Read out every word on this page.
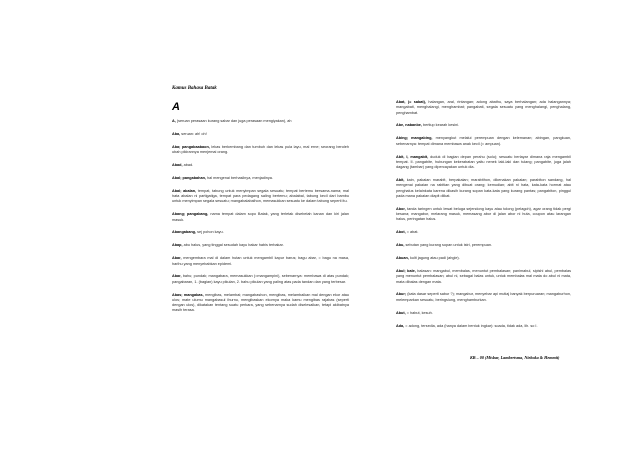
Kamus Bahasa Batak
A

A, (seruan perasaan kurang sabar dan juga perasaan mengiyakan), ah

Aba, seruan: ah! oh!

Aba; pangabaabaon, lekas berkembang dan tumbuh dan lekas pula layu, mal erne; seorang beroleh ubah pikirannya menjemai orang.

Abad, abad.

Abal; pangabahan, hal mengenai berhasilnya, menjadinya.

Abal; abalan, tempat, tabung untuk menyimpan segala sesuatu; tempat bertemu bersama-nama; mal hata abalan ni partigatiga, tempat para pedagang saling bertemu; abalabal, tabung kecil dari bambu untuk menyimpan segala sesuatu; mangabalabalhon, memasukkan sesuatu ke dalam tabung seperti itu.

Abang; pangabang, nama tempat dalam sopo Batak, yang terletak disebelah kanan dan kiri jalan masuk.

Abangabang, sej pohon kayu.

Abap, abu halus, yang tinggal sesudah kayu bakar habis terbakar.

Abar, mengembara mal di dalam hutan untuk mengambil kapur barus; bagu abar, = bagu na masa, harihu yang menyebabkan epidemi.

Abar, bahu; pundak; mangabara, memasukkan (=mangampini), sebenarnya: membawa di atas pundak; pangabaran, 1. (bagian) kayu pikulan, 2. bahu pikulan yang paling atas pada tandan dan yang terbesar.

Abas; mangabas, mengibas, melambai; mangabashon, mengibas, melambaikan mal dengan ekor atau ulos; mate ulumu mangabasul ihurnu, mengibaskan ekornya maka kamu mengibas rajabas (seperti dengan ulos), dikatakan tentang suatu perkara, yang sebenarnya sudah diselesaikan, tetapi akibatnya masih terasa.

Abat, (= sabat), halangan, aral, rintangan; adong abathu, saya berhalangan; ada halangannya; mangabati, menghalangi, menghambat; pangabati, segala sesuatu yang menghalangi, penghalang, penghambat.

Abe, nabanbe, bertiup kearah kesini.

Abing; mangabing, menyangkut melalui perempuan dengan kelemanan; abingan, pangkuan, sebenarnya: tempat dimana membawa anak kecil (= ampuan).

Abit, I, mangabit, duduk di bagian depan perahu (solu); sesuatu berlayar dimana raja mengambil tempat. II. pangabite, hubungan kekerabatan yaitu nenek laki-laki dan tulang; pangabite, juga jalah dagang (tambar) yang dipercayakan untuk dia.

Abit, kain, pakaian marabit, berpakaian; marabithon, dikenakan pakaian; parabiton sandang, hal mengenai pakaian na rabitian yang dibuat orang; kemudian; abit ni hata, kata-kata hormat atau penghalus kelainkata karena dikasih kurang sopan kata-kata yang kurang pantas; pangabiton, pinggul pada mana pakaian diapit diikat.

Abor, tanda taringen untuk lewat beluga sejendong kayu atau tolong (pelagoh), agar orang tidak pergi kesana; mangabor, melarang masuk, memasang abor di jalan abor ni huta, coupon atau larangan halus, peringatan halus.

Abot, = abat.

Abu, sebutan yang kurang sopan untuk istri, perempuan.

Abuan, kulit jagung atau padi (ahgle).

Abul; bale, balasan: mangabul, membalas, menuntut pembalasan; panimabul, sipishi abul, pembalas yang menuntut pembalasan; abul ni, sebagai balas untuk, untuk membalas mal mata do abul ni mata, mata dibalas dengan mata.

Abur; (kata dasar seperti sabur ?); mangabur, menyebar api mutiaj banyak berpuruaran; mangaburhon, melemparkan sesuatu, beringsiung, menghamburkan.

Abut, = habut, kesuh.

Ada, = adong, tersedia, ada (hanya dalam bentuk ingkar): soada, tidak ada, lih. so I.

KB – 00 (Misbar, Lambertsma, Nieboka & Hemmit)
